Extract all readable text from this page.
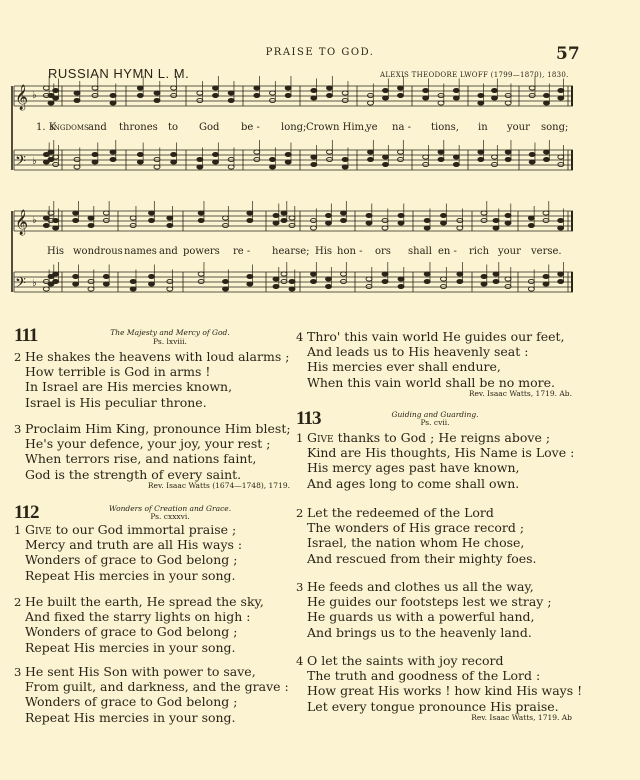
PRAISE TO GOD.	57
RUSSIAN HYMN L. M.	ALEXIS THEODORE LWOFF (1799—1870), 1830.
𝄞 ♭
𝄢 ♭
𝄞 ♭
𝄢 ♭
1. K
ingdoms and thrones to God be - long; Crown Him,
ye na - tions, in your song;
His wondrous names and powers re - hearse; His hon - ors shall en - rich your verse.
111	The Majesty and Mercy of God.
Ps. lxviii.
2 He shakes the heavens with loud alarms ;
How terrible is God in arms !
In Israel are His mercies known,
Israel is His peculiar throne.
3 Proclaim Him King, pronounce Him blest;
He's your defence, your joy, your rest ;
When terrors rise, and nations faint,
God is the strength of every saint.
Rev. Isaac Watts (1674—1748), 1719.
112	Wonders of Creation and Grace.
Ps. cxxxvi.
1 Give to our God immortal praise ;
Mercy and truth are all His ways :
Wonders of grace to God belong ;
Repeat His mercies in your song.
2 He built the earth, He spread the sky,
And fixed the starry lights on high :
Wonders of grace to God belong ;
Repeat His mercies in your song.
3 He sent His Son with power to save,
From guilt, and darkness, and the grave :
Wonders of grace to God belong ;
Repeat His mercies in your song.
4 Thro' this vain world He guides our feet,
And leads us to His heavenly seat :
His mercies ever shall endure,
When this vain world shall be no more.
Rev. Isaac Watts, 1719. Ab.
113	Guiding and Guarding.
Ps. cvii.
1 Give thanks to God ; He reigns above ;
Kind are His thoughts, His Name is Love :
His mercy ages past have known,
And ages long to come shall own.
2 Let the redeemed of the Lord
The wonders of His grace record ;
Israel, the nation whom He chose,
And rescued from their mighty foes.
3 He feeds and clothes us all the way,
He guides our footsteps lest we stray ;
He guards us with a powerful hand,
And brings us to the heavenly land.
4 O let the saints with joy record
The truth and goodness of the Lord :
How great His works ! how kind His ways !
Let every tongue pronounce His praise.
Rev. Isaac Watts, 1719. Ab
